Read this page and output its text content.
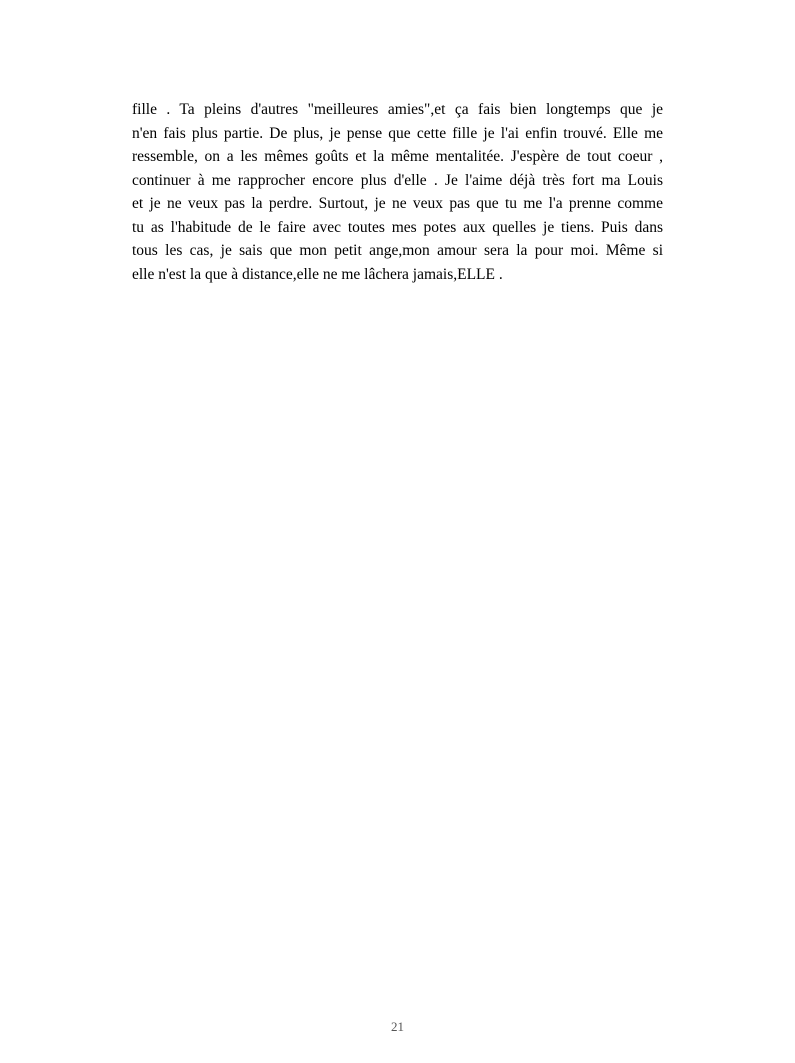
fille . Ta pleins d'autres "meilleures amies",et ça fais bien longtemps que je
n'en fais plus partie. De plus, je pense que cette fille je l'ai enfin trouvé. Elle me
ressemble, on a les mêmes goûts et la même mentalitée. J'espère de tout coeur ,
continuer à me rapprocher encore plus d'elle . Je l'aime déjà très fort ma Louis
et je ne veux pas la perdre. Surtout, je ne veux pas que tu me l'a prenne comme
tu as l'habitude de le faire avec toutes mes potes aux quelles je tiens. Puis dans
tous les cas, je sais que mon petit ange,mon amour sera la pour moi. Même si
elle n'est la que à distance,elle ne me lâchera jamais,ELLE .
21
